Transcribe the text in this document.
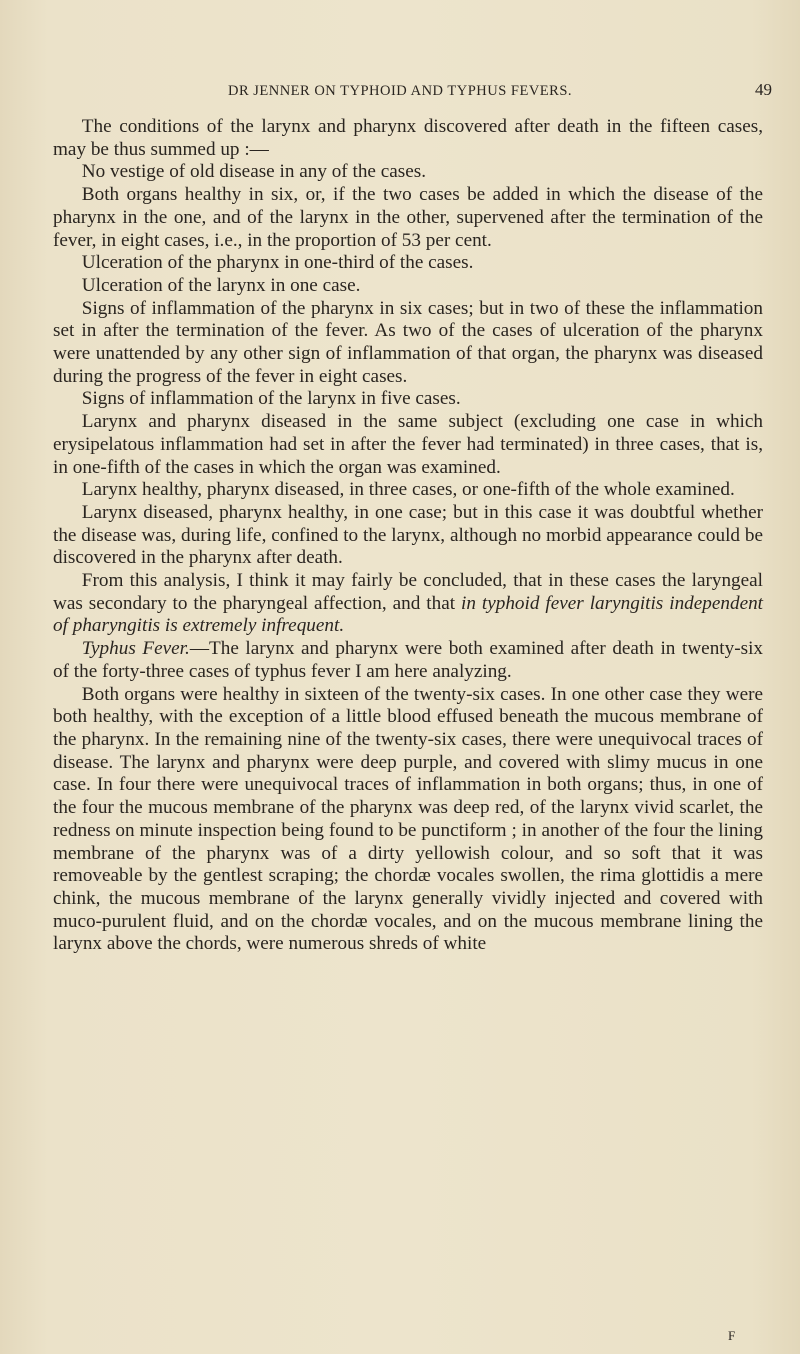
DR JENNER ON TYPHOID AND TYPHUS FEVERS.	49

The conditions of the larynx and pharynx discovered after death in the fifteen cases, may be thus summed up :—

No vestige of old disease in any of the cases.

Both organs healthy in six, or, if the two cases be added in which the disease of the pharynx in the one, and of the larynx in the other, supervened after the termination of the fever, in eight cases, i.e., in the proportion of 53 per cent.

Ulceration of the pharynx in one-third of the cases.

Ulceration of the larynx in one case.

Signs of inflammation of the pharynx in six cases; but in two of these the inflammation set in after the termination of the fever. As two of the cases of ulceration of the pharynx were unattended by any other sign of inflammation of that organ, the pharynx was diseased during the progress of the fever in eight cases.

Signs of inflammation of the larynx in five cases.

Larynx and pharynx diseased in the same subject (excluding one case in which erysipelatous inflammation had set in after the fever had terminated) in three cases, that is, in one-fifth of the cases in which the organ was examined.

Larynx healthy, pharynx diseased, in three cases, or one-fifth of the whole examined.

Larynx diseased, pharynx healthy, in one case; but in this case it was doubtful whether the disease was, during life, confined to the larynx, although no morbid appearance could be discovered in the pharynx after death.

From this analysis, I think it may fairly be concluded, that in these cases the laryngeal was secondary to the pharyngeal affection, and that in typhoid fever laryngitis independent of pharyngitis is extremely infrequent.

Typhus Fever.—The larynx and pharynx were both examined after death in twenty-six of the forty-three cases of typhus fever I am here analyzing.

Both organs were healthy in sixteen of the twenty-six cases. In one other case they were both healthy, with the exception of a little blood effused beneath the mucous membrane of the pharynx. In the remaining nine of the twenty-six cases, there were unequivocal traces of disease. The larynx and pharynx were deep purple, and covered with slimy mucus in one case. In four there were unequivocal traces of inflammation in both organs; thus, in one of the four the mucous membrane of the pharynx was deep red, of the larynx vivid scarlet, the redness on minute inspection being found to be punctiform ; in another of the four the lining membrane of the pharynx was of a dirty yellowish colour, and so soft that it was removeable by the gentlest scraping; the chordæ vocales swollen, the rima glottidis a mere chink, the mucous membrane of the larynx generally vividly injected and covered with muco-purulent fluid, and on the chordæ vocales, and on the mucous membrane lining the larynx above the chords, were numerous shreds of white

F
